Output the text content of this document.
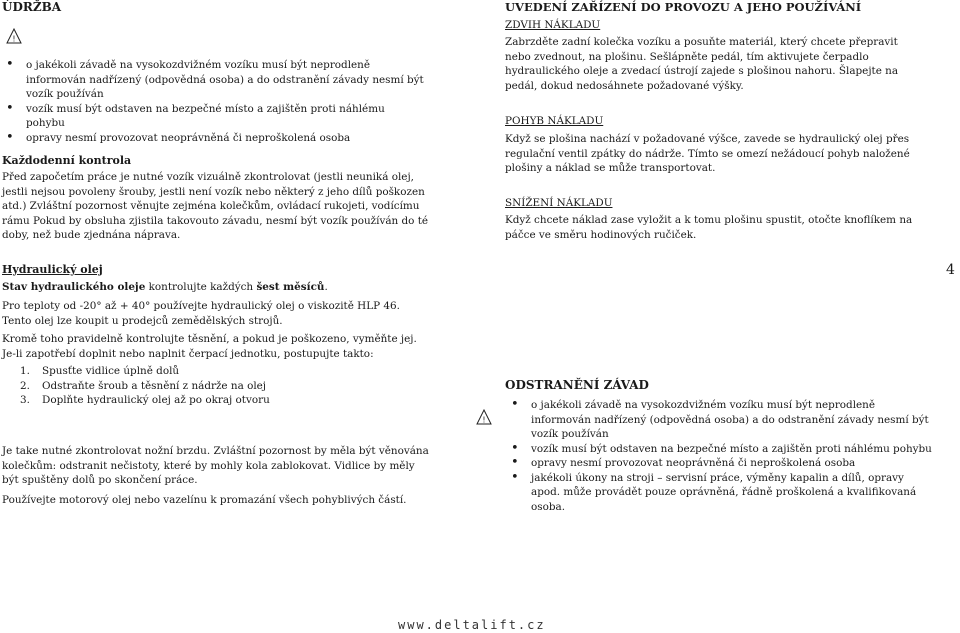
ÚDRŽBA
!
• o jakékoli závadě na vysokozdvižném vozíku musí být neprodleně informován nadřízený (odpovědná osoba) a do odstranění závady nesmí být vozík používán
• vozík musí být odstaven na bezpečné místo a zajištěn proti náhlému pohybu
• opravy nesmí provozovat neoprávněná či neproškolená osoba
Každodenní kontrola

Před započetím práce je nutné vozík vizuálně zkontrolovat (jestli neuniká olej, jestli nejsou povoleny šrouby, jestli není vozík nebo některý z jeho dílů poškozen atd.) Zvláštní pozornost věnujte zejména kolečkům, ovládací rukojeti, vodícímu rámu Pokud by obsluha zjistila takovouto závadu, nesmí být vozík používán do té doby, než bude zjednána náprava.

Hydraulický olej

Stav hydraulického oleje kontrolujte každých šest měsíců.

Pro teploty od -20° až + 40° používejte hydraulický olej o viskozitě HLP 46. Tento olej lze koupit u prodejců zemědělských strojů.

Kromě toho pravidelně kontrolujte těsnění, a pokud je poškozeno, vyměňte jej. Je-li zapotřebí doplnit nebo naplnit čerpací jednotku, postupujte takto:

1. Spusťte vidlice úplně dolů
2. Odstraňte šroub a těsnění z nádrže na olej
3. Doplňte hydraulický olej až po okraj otvoru

Je take nutné zkontrolovat nožní brzdu. Zvláštní pozornost by měla být věnována kolečkům: odstranit nečistoty, které by mohly kola zablokovat. Vidlice by měly být spuštěny dolů po skončení práce.

Používejte motorový olej nebo vazelínu k promazání všech pohyblivých částí.

UVEDENÍ ZAŘÍZENÍ DO PROVOZU A JEHO POUŽÍVÁNÍ
ZDVIH NÁKLADU

Zabrzděte zadní kolečka vozíku a posuňte materiál, který chcete přepravit nebo zvednout, na plošinu. Sešlápněte pedál, tím aktivujete čerpadlo hydraulického oleje a zvedací ústrojí zajede s plošinou nahoru. Šlapejte na pedál, dokud nedosáhnete požadované výšky.

POHYB NÁKLADU

Když se plošina nachází v požadované výšce, zavede se hydraulický olej přes regulační ventil zpátky do nádrže. Tímto se omezí nežádoucí pohyb naložené plošiny a náklad se může transportovat.

SNÍŽENÍ NÁKLADU

Když chcete náklad zase vyložit a k tomu plošinu spustit, otočte knoflíkem na páčce ve směru hodinových ručiček.

4
ODSTRANĚNÍ ZÁVAD
!
• o jakékoli závadě na vysokozdvižném vozíku musí být neprodleně informován nadřízený (odpovědná osoba) a do odstranění závady nesmí být vozík používán
• vozík musí být odstaven na bezpečné místo a zajištěn proti náhlému pohybu
• opravy nesmí provozovat neoprávněná či neproškolená osoba
• jakékoli úkony na stroji – servisní práce, výměny kapalin a dílů, opravy apod. může provádět pouze oprávněná, řádně proškolená a kvalifikovaná osoba.
www.deltalift.cz
